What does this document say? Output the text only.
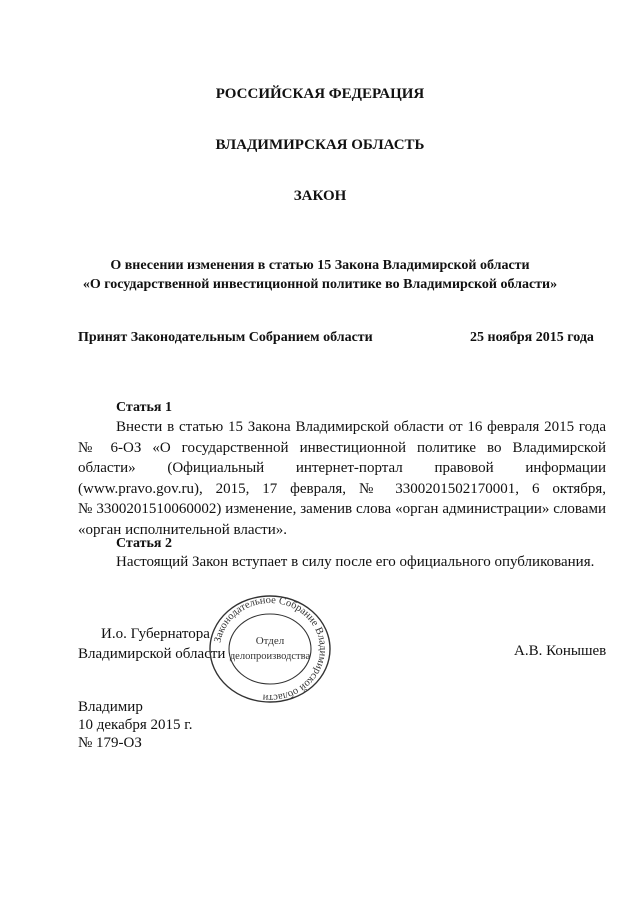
РОССИЙСКАЯ ФЕДЕРАЦИЯ
ВЛАДИМИРСКАЯ ОБЛАСТЬ
ЗАКОН
О внесении изменения в статью 15 Закона Владимирской области
«О государственной инвестиционной политике во Владимирской области»
Принят Законодательным Собранием области	25 ноября 2015 года
Статья 1
Внести в статью 15 Закона Владимирской области от 16 февраля 2015 года
№ 6-ОЗ «О государственной инвестиционной политике во Владимирской
области» (Официальный интернет-портал правовой информации
(www.pravo.gov.ru), 2015, 17 февраля, № 3300201502170001, 6 октября,
№ 3300201510060002) изменение, заменив слова «орган администрации» словами
«орган исполнительной власти».
Статья 2
Настоящий Закон вступает в силу после его официального опубликования.
И.о. Губернатора
Владимирской области	А.В. Конышев
Законодательное Собрание Владимирской области
Отдел
делопроизводства
Владимир
10 декабря 2015 г.
№ 179-ОЗ
